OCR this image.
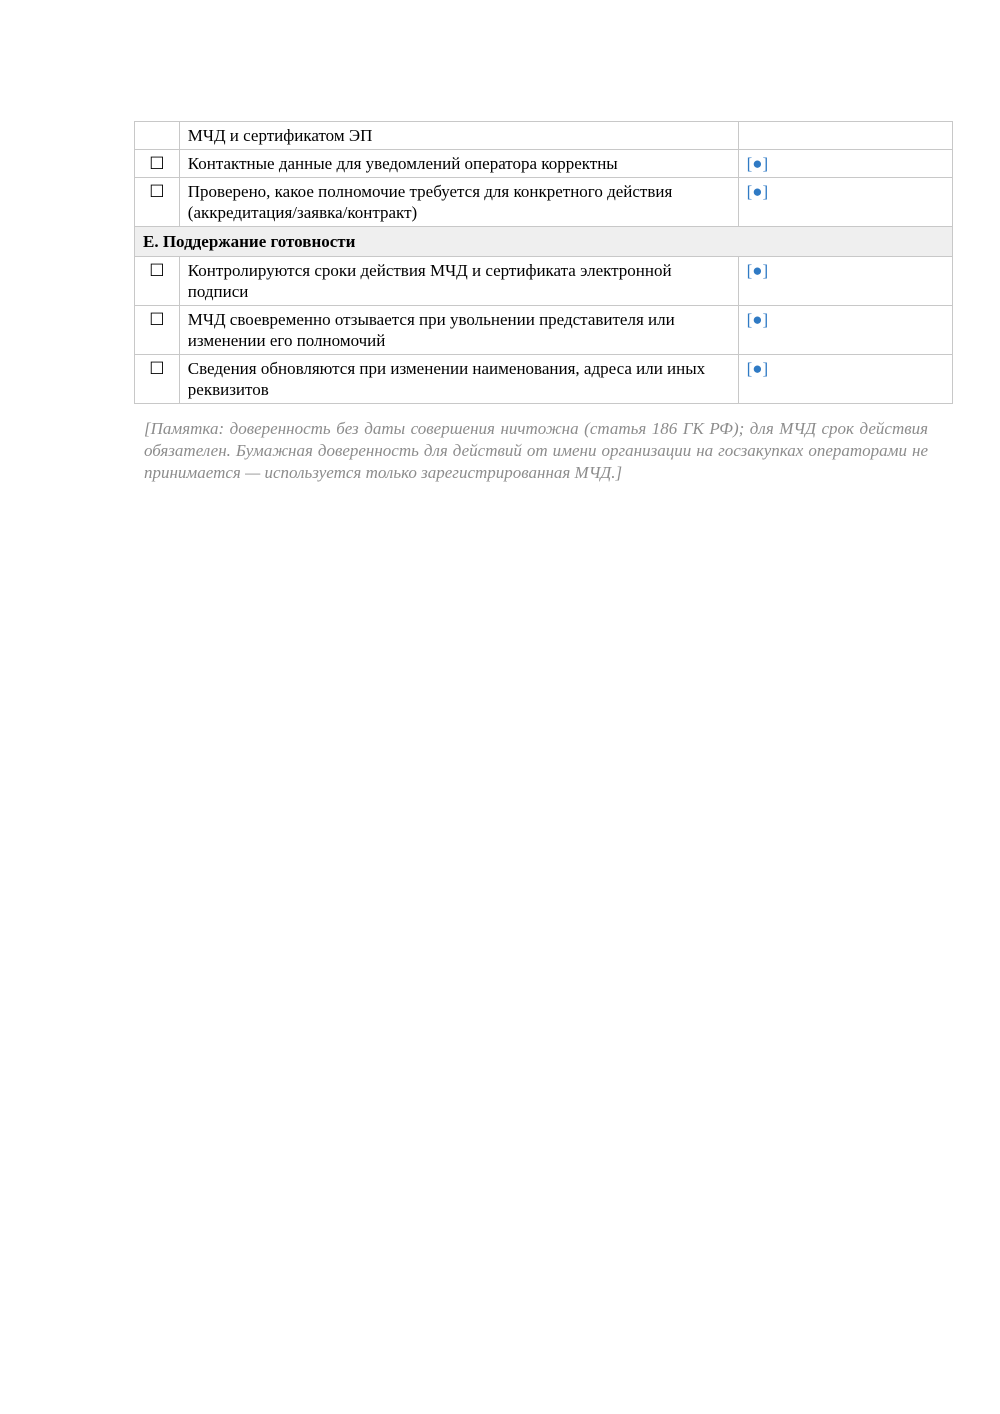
	МЧД и сертификатом ЭП	
☐	Контактные данные для уведомлений оператора корректны	[●]
☐	Проверено, какое полномочие требуется для конкретного действия (аккредитация/заявка/контракт)	[●]
Е. Поддержание готовности		
☐	Контролируются сроки действия МЧД и сертификата электронной подписи	[●]
☐	МЧД своевременно отзывается при увольнении представителя или изменении его полномочий	[●]
☐	Сведения обновляются при изменении наименования, адреса или иных реквизитов	[●]

[Памятка: доверенность без даты совершения ничтожна (статья 186 ГК РФ); для МЧД срок действия обязателен. Бумажная доверенность для действий от имени организации на госзакупках операторами не принимается — используется только зарегистрированная МЧД.]
